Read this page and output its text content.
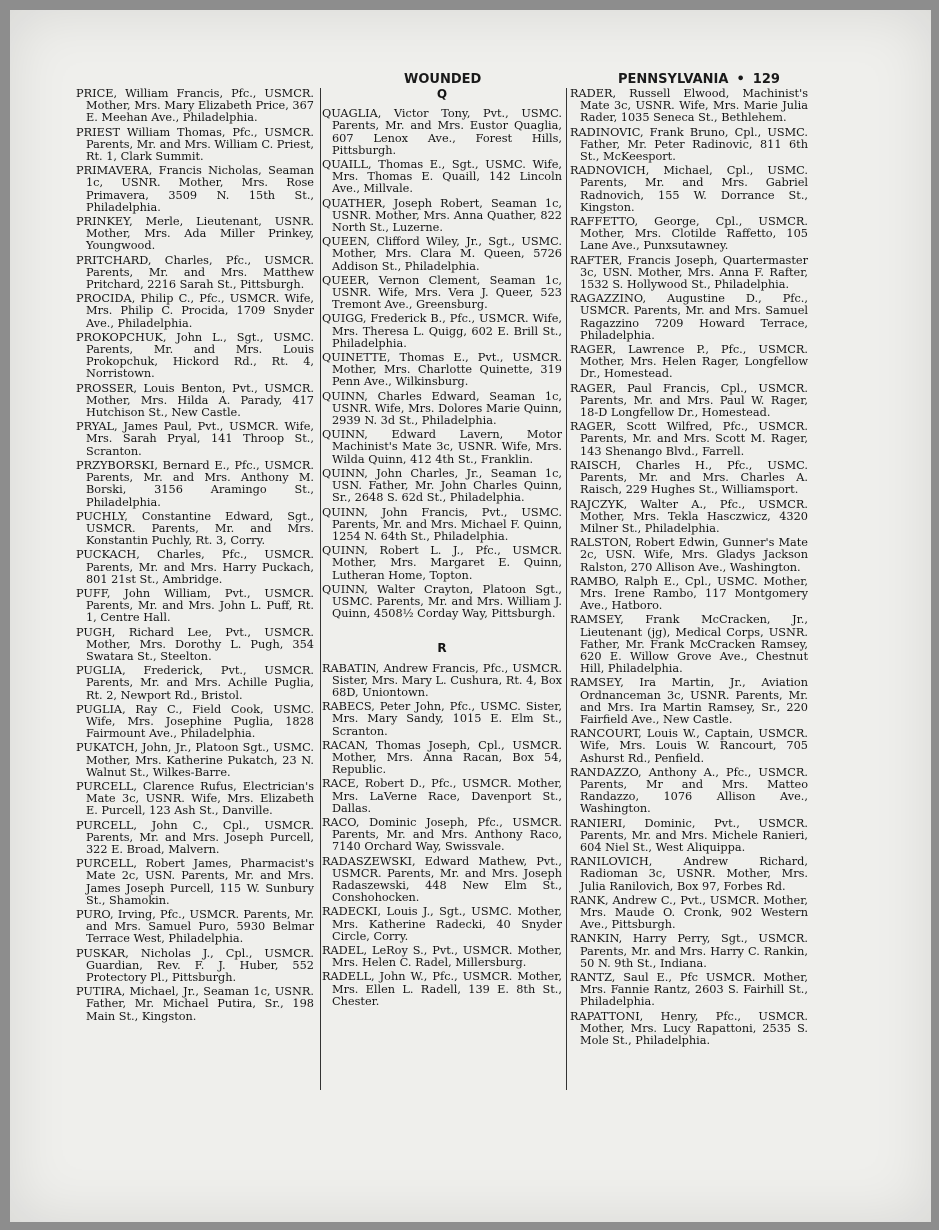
WOUNDED	PENNSYLVANIA • 129

PRICE, William Francis, Pfc., USMCR. Mother, Mrs. Mary Elizabeth Price, 367 E. Meehan Ave., Philadelphia.

PRIEST William Thomas, Pfc., USMCR. Parents, Mr. and Mrs. William C. Priest, Rt. 1, Clark Summit.

PRIMAVERA, Francis Nicholas, Seaman 1c, USNR. Mother, Mrs. Rose Primavera, 3509 N. 15th St., Philadelphia.

PRINKEY, Merle, Lieutenant, USNR. Mother, Mrs. Ada Miller Prinkey, Youngwood.

PRITCHARD, Charles, Pfc., USMCR. Parents, Mr. and Mrs. Matthew Pritchard, 2216 Sarah St., Pittsburgh.

PROCIDA, Philip C., Pfc., USMCR. Wife, Mrs. Philip C. Procida, 1709 Snyder Ave., Philadelphia.

PROKOPCHUK, John L., Sgt., USMC. Parents, Mr. and Mrs. Louis Prokopchuk, Hickord Rd., Rt. 4, Norristown.

PROSSER, Louis Benton, Pvt., USMCR. Mother, Mrs. Hilda A. Parady, 417 Hutchison St., New Castle.

PRYAL, James Paul, Pvt., USMCR. Wife, Mrs. Sarah Pryal, 141 Throop St., Scranton.

PRZYBORSKI, Bernard E., Pfc., USMCR. Parents, Mr. and Mrs. Anthony M. Borski, 3156 Aramingo St., Philadelphia.

PUCHLY, Constantine Edward, Sgt., USMCR. Parents, Mr. and Mrs. Konstantin Puchly, Rt. 3, Corry.

PUCKACH, Charles, Pfc., USMCR. Parents, Mr. and Mrs. Harry Puckach, 801 21st St., Ambridge.

PUFF, John William, Pvt., USMCR. Parents, Mr. and Mrs. John L. Puff, Rt. 1, Centre Hall.

PUGH, Richard Lee, Pvt., USMCR. Mother, Mrs. Dorothy L. Pugh, 354 Swatara St., Steelton.

PUGLIA, Frederick, Pvt., USMCR. Parents, Mr. and Mrs. Achille Puglia, Rt. 2, Newport Rd., Bristol.

PUGLIA, Ray C., Field Cook, USMC. Wife, Mrs. Josephine Puglia, 1828 Fairmount Ave., Philadelphia.

PUKATCH, John, Jr., Platoon Sgt., USMC. Mother, Mrs. Katherine Pukatch, 23 N. Walnut St., Wilkes-Barre.

PURCELL, Clarence Rufus, Electrician's Mate 3c, USNR. Wife, Mrs. Elizabeth E. Purcell, 123 Ash St., Danville.

PURCELL, John C., Cpl., USMCR. Parents, Mr. and Mrs. Joseph Purcell, 322 E. Broad, Malvern.

PURCELL, Robert James, Pharmacist's Mate 2c, USN. Parents, Mr. and Mrs. James Joseph Purcell, 115 W. Sunbury St., Shamokin.

PURO, Irving, Pfc., USMCR. Parents, Mr. and Mrs. Samuel Puro, 5930 Belmar Terrace West, Philadelphia.

PUSKAR, Nicholas J., Cpl., USMCR. Guardian, Rev. F. J. Huber, 552 Protectory Pl., Pittsburgh.

PUTIRA, Michael, Jr., Seaman 1c, USNR. Father, Mr. Michael Putira, Sr., 198 Main St., Kingston.

Q

QUAGLIA, Victor Tony, Pvt., USMC. Parents, Mr. and Mrs. Eustor Quaglia, 607 Lenox Ave., Forest Hills, Pittsburgh.

QUAILL, Thomas E., Sgt., USMC. Wife, Mrs. Thomas E. Quaill, 142 Lincoln Ave., Millvale.

QUATHER, Joseph Robert, Seaman 1c, USNR. Mother, Mrs. Anna Quather, 822 North St., Luzerne.

QUEEN, Clifford Wiley, Jr., Sgt., USMC. Mother, Mrs. Clara M. Queen, 5726 Addison St., Philadelphia.

QUEER, Vernon Clement, Seaman 1c, USNR. Wife, Mrs. Vera J. Queer, 523 Tremont Ave., Greensburg.

QUIGG, Frederick B., Pfc., USMCR. Wife, Mrs. Theresa L. Quigg, 602 E. Brill St., Philadelphia.

QUINETTE, Thomas E., Pvt., USMCR. Mother, Mrs. Charlotte Quinette, 319 Penn Ave., Wilkinsburg.

QUINN, Charles Edward, Seaman 1c, USNR. Wife, Mrs. Dolores Marie Quinn, 2939 N. 3d St., Philadelphia.

QUINN, Edward Lavern, Motor Machinist's Mate 3c, USNR. Wife, Mrs. Wilda Quinn, 412 4th St., Franklin.

QUINN, John Charles, Jr., Seaman 1c, USN. Father, Mr. John Charles Quinn, Sr., 2648 S. 62d St., Philadelphia.

QUINN, John Francis, Pvt., USMC. Parents, Mr. and Mrs. Michael F. Quinn, 1254 N. 64th St., Philadelphia.

QUINN, Robert L. J., Pfc., USMCR. Mother, Mrs. Margaret E. Quinn, Lutheran Home, Topton.

QUINN, Walter Crayton, Platoon Sgt., USMC. Parents, Mr. and Mrs. William J. Quinn, 4508½ Corday Way, Pittsburgh.

R

RABATIN, Andrew Francis, Pfc., USMCR. Sister, Mrs. Mary L. Cushura, Rt. 4, Box 68D, Uniontown.

RABECS, Peter John, Pfc., USMC. Sister, Mrs. Mary Sandy, 1015 E. Elm St., Scranton.

RACAN, Thomas Joseph, Cpl., USMCR. Mother, Mrs. Anna Racan, Box 54, Republic.

RACE, Robert D., Pfc., USMCR. Mother, Mrs. LaVerne Race, Davenport St., Dallas.

RACO, Dominic Joseph, Pfc., USMCR. Parents, Mr. and Mrs. Anthony Raco, 7140 Orchard Way, Swissvale.

RADASZEWSKI, Edward Mathew, Pvt., USMCR. Parents, Mr. and Mrs. Joseph Radaszewski, 448 New Elm St., Conshohocken.

RADECKI, Louis J., Sgt., USMC. Mother, Mrs. Katherine Radecki, 40 Snyder Circle, Corry.

RADEL, LeRoy S., Pvt., USMCR. Mother, Mrs. Helen C. Radel, Millersburg.

RADELL, John W., Pfc., USMCR. Mother, Mrs. Ellen L. Radell, 139 E. 8th St., Chester.

RADER, Russell Elwood, Machinist's Mate 3c, USNR. Wife, Mrs. Marie Julia Rader, 1035 Seneca St., Bethlehem.

RADINOVIC, Frank Bruno, Cpl., USMC. Father, Mr. Peter Radinovic, 811 6th St., McKeesport.

RADNOVICH, Michael, Cpl., USMC. Parents, Mr. and Mrs. Gabriel Radnovich, 155 W. Dorrance St., Kingston.

RAFFETTO, George, Cpl., USMCR. Mother, Mrs. Clotilde Raffetto, 105 Lane Ave., Punxsutawney.

RAFTER, Francis Joseph, Quartermaster 3c, USN. Mother, Mrs. Anna F. Rafter, 1532 S. Hollywood St., Philadelphia.

RAGAZZINO, Augustine D., Pfc., USMCR. Parents, Mr. and Mrs. Samuel Ragazzino 7209 Howard Terrace, Philadelphia.

RAGER, Lawrence P., Pfc., USMCR. Mother, Mrs. Helen Rager, Longfellow Dr., Homestead.

RAGER, Paul Francis, Cpl., USMCR. Parents, Mr. and Mrs. Paul W. Rager, 18-D Longfellow Dr., Homestead.

RAGER, Scott Wilfred, Pfc., USMCR. Parents, Mr. and Mrs. Scott M. Rager, 143 Shenango Blvd., Farrell.

RAISCH, Charles H., Pfc., USMC. Parents, Mr. and Mrs. Charles A. Raisch, 229 Hughes St., Williamsport.

RAJCZYK, Walter A., Pfc., USMCR. Mother, Mrs. Tekla Hasczwicz, 4320 Milner St., Philadelphia.

RALSTON, Robert Edwin, Gunner's Mate 2c, USN. Wife, Mrs. Gladys Jackson Ralston, 270 Allison Ave., Washington.

RAMBO, Ralph E., Cpl., USMC. Mother, Mrs. Irene Rambo, 117 Montgomery Ave., Hatboro.

RAMSEY, Frank McCracken, Jr., Lieutenant (jg), Medical Corps, USNR. Father, Mr. Frank McCracken Ramsey, 620 E. Willow Grove Ave., Chestnut Hill, Philadelphia.

RAMSEY, Ira Martin, Jr., Aviation Ordnanceman 3c, USNR. Parents, Mr. and Mrs. Ira Martin Ramsey, Sr., 220 Fairfield Ave., New Castle.

RANCOURT, Louis W., Captain, USMCR. Wife, Mrs. Louis W. Rancourt, 705 Ashurst Rd., Penfield.

RANDAZZO, Anthony A., Pfc., USMCR. Parents, Mr and Mrs. Matteo Randazzo, 1076 Allison Ave., Washington.

RANIERI, Dominic, Pvt., USMCR. Parents, Mr. and Mrs. Michele Ranieri, 604 Niel St., West Aliquippa.

RANILOVICH, Andrew Richard, Radioman 3c, USNR. Mother, Mrs. Julia Ranilovich, Box 97, Forbes Rd.

RANK, Andrew C., Pvt., USMCR. Mother, Mrs. Maude O. Cronk, 902 Western Ave., Pittsburgh.

RANKIN, Harry Perry, Sgt., USMCR. Parents, Mr. and Mrs. Harry C. Rankin, 50 N. 9th St., Indiana.

RANTZ, Saul E., Pfc USMCR. Mother, Mrs. Fannie Rantz, 2603 S. Fairhill St., Philadelphia.

RAPATTONI, Henry, Pfc., USMCR. Mother, Mrs. Lucy Rapattoni, 2535 S. Mole St., Philadelphia.
